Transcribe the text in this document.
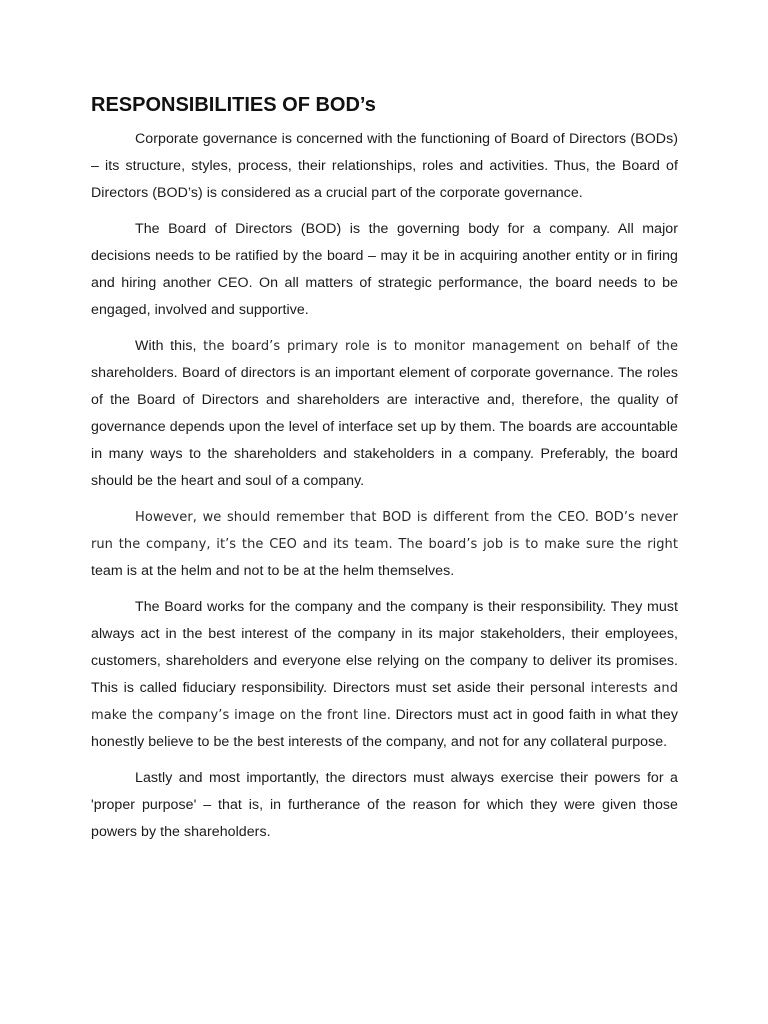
RESPONSIBILITIES OF BOD’s

Corporate governance is concerned with the functioning of Board of Directors (BODs) – its structure, styles, process, their relationships, roles and activities. Thus, the Board of Directors (BOD’s) is considered as a crucial part of the corporate governance.

The Board of Directors (BOD) is the governing body for a company. All major decisions needs to be ratified by the board – may it be in acquiring another entity or in firing and hiring another CEO. On all matters of strategic performance, the board needs to be engaged, involved and supportive.

With this, the board’s primary role is to monitor management on behalf of the shareholders. Board of directors is an important element of corporate governance. The roles of the Board of Directors and shareholders are interactive and, therefore, the quality of governance depends upon the level of interface set up by them. The boards are accountable in many ways to the shareholders and stakeholders in a company. Preferably, the board should be the heart and soul of a company.

However, we should remember that BOD is different from the CEO. BOD’s never run the company, it’s the CEO and its team. The board’s job is to make sure the right team is at the helm and not to be at the helm themselves.

The Board works for the company and the company is their responsibility. They must always act in the best interest of the company in its major stakeholders, their employees, customers, shareholders and everyone else relying on the company to deliver its promises. This is called fiduciary responsibility. Directors must set aside their personal interests and make the company’s image on the front line. Directors must act in good faith in what they honestly believe to be the best interests of the company, and not for any collateral purpose.

Lastly and most importantly, the directors must always exercise their powers for a 'proper purpose' – that is, in furtherance of the reason for which they were given those powers by the shareholders.
